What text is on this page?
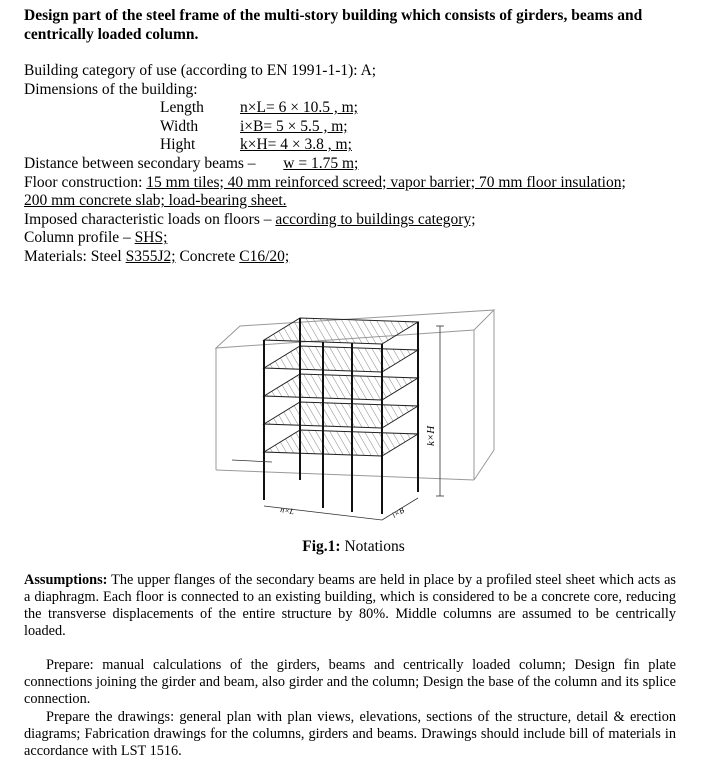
Design part of the steel frame of the multi-story building which consists of girders, beams and centrically loaded column.
Building category of use (according to EN 1991-1-1): A;
Dimensions of the building:
Length	n×L= 6 × 10.5 , m;
Width	i×B= 5 × 5.5 , m;
Hight	k×H= 4 × 3.8 , m;
Distance between secondary beams – w = 1.75 m;
Floor construction: 15 mm tiles; 40 mm reinforced screed; vapor barrier; 70 mm floor insulation;
200 mm concrete slab; load-bearing sheet.
Imposed characteristic loads on floors – according to buildings category;
Column profile – SHS;
Materials: Steel S355J2; Concrete C16/20;
k×H
n×L	i×B
Fig.1: Notations
Assumptions: The upper flanges of the secondary beams are held in place by a profiled steel sheet which acts as a diaphragm. Each floor is connected to an existing building, which is considered to be a concrete core, reducing the transverse displacements of the entire structure by 80%. Middle columns are assumed to be centrically loaded.
Prepare: manual calculations of the girders, beams and centrically loaded column; Design fin plate connections joining the girder and beam, also girder and the column; Design the base of the column and its splice connection.
Prepare the drawings: general plan with plan views, elevations, sections of the structure, detail & erection diagrams; Fabrication drawings for the columns, girders and beams. Drawings should include bill of materials in accordance with LST 1516.
